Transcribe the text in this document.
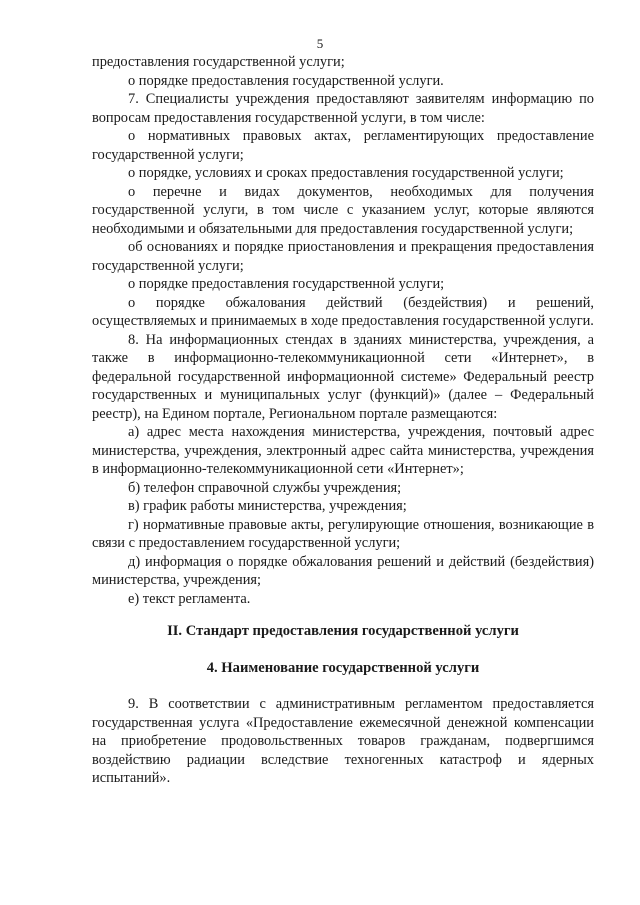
5

предоставления государственной услуги;

о порядке предоставления государственной услуги.

7. Специалисты учреждения предоставляют заявителям информацию по вопросам предоставления государственной услуги, в том числе:

о нормативных правовых актах, регламентирующих предоставление государственной услуги;

о порядке, условиях и сроках предоставления государственной услуги;

о перечне и видах документов, необходимых для получения государственной услуги, в том числе с указанием услуг, которые являются необходимыми и обязательными для предоставления государственной услуги;

об основаниях и порядке приостановления и прекращения предоставления государственной услуги;

о порядке предоставления государственной услуги;

о порядке обжалования действий (бездействия) и решений, осуществляемых и принимаемых в ходе предоставления государственной услуги.

8. На информационных стендах в зданиях министерства, учреждения, а также в информационно-телекоммуникационной сети «Интернет», в федеральной государственной информационной системе» Федеральный реестр государственных и муниципальных услуг (функций)» (далее – Федеральный реестр), на Едином портале, Региональном портале размещаются:

а) адрес места нахождения министерства, учреждения, почтовый адрес министерства, учреждения, электронный адрес сайта министерства, учреждения в информационно-телекоммуникационной сети «Интернет»;

б) телефон справочной службы учреждения;

в) график работы министерства, учреждения;

г) нормативные правовые акты, регулирующие отношения, возникающие в связи с предоставлением государственной услуги;

д) информация о порядке обжалования решений и действий (бездействия) министерства, учреждения;

е) текст регламента.

II. Стандарт предоставления государственной услуги
4. Наименование государственной услуги

9. В соответствии с административным регламентом предоставляется государственная услуга «Предоставление ежемесячной денежной компенсации на приобретение продовольственных товаров гражданам, подвергшимся воздействию радиации вследствие техногенных катастроф и ядерных испытаний».
